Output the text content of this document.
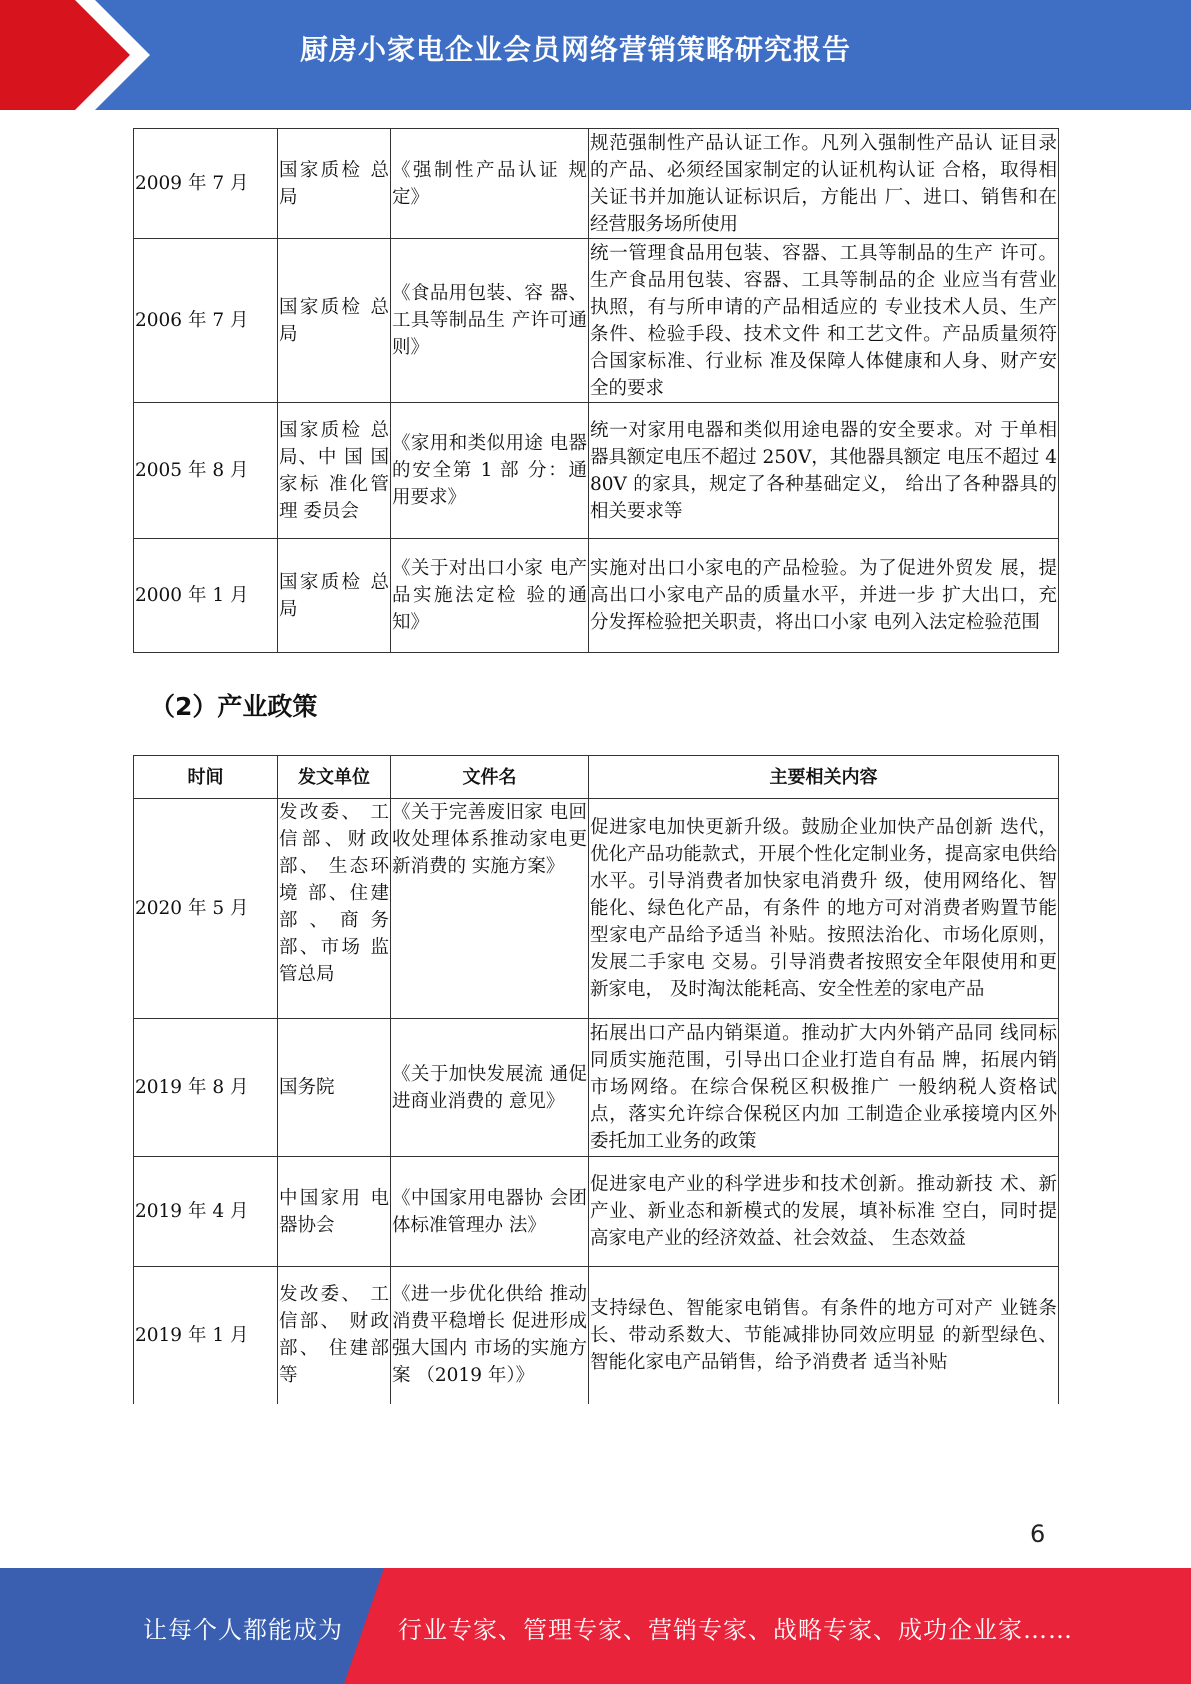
厨房小家电企业会员网络营销策略研究报告
2009 年 7 月	国家质检 总局	《强制性产品认证 规定》	规范强制性产品认证工作。凡列入强制性产品认 证目录的产品、必须经国家制定的认证机构认证 合格，取得相关证书并加施认证标识后，方能出 厂、进口、销售和在经营服务场所使用
2006 年 7 月	国家质检 总局	《食品用包装、容 器、工具等制品生 产许可通则》	统一管理食品用包装、容器、工具等制品的生产 许可。生产食品用包装、容器、工具等制品的企 业应当有营业执照，有与所申请的产品相适应的 专业技术人员、生产条件、检验手段、技术文件 和工艺文件。产品质量须符合国家标准、行业标 准及保障人体健康和人身、财产安全的要求
2005 年 8 月	国家质检 总局、中 国 国家标 准化管理 委员会	《家用和类似用途 电器的安全第 1 部 分：通用要求》	统一对家用电器和类似用途电器的安全要求。对 于单相器具额定电压不超过 250V，其他器具额定 电压不超过 480V 的家具，规定了各种基础定义， 给出了各种器具的相关要求等
2000 年 1 月	国家质检 总局	《关于对出口小家 电产品实施法定检 验的通知》	实施对出口小家电的产品检验。为了促进外贸发 展，提高出口小家电产品的质量水平，并进一步 扩大出口，充分发挥检验把关职责，将出口小家 电列入法定检验范围
（2）产业政策
时间	发文单位	文件名	主要相关内容
2020 年 5 月	发改委、 工信部、财政部、 生态环境 部、住建部、商务部、市场 监管总局	《关于完善废旧家 电回收处理体系推动家电更新消费的 实施方案》	促进家电加快更新升级。鼓励企业加快产品创新 迭代，优化产品功能款式，开展个性化定制业务，提高家电供给水平。引导消费者加快家电消费升 级，使用网络化、智能化、绿色化产品，有条件 的地方可对消费者购置节能型家电产品给予适当 补贴。按照法治化、市场化原则，发展二手家电 交易。引导消费者按照安全年限使用和更新家电， 及时淘汰能耗高、安全性差的家电产品
2019 年 8 月	国务院	《关于加快发展流 通促进商业消费的 意见》	拓展出口产品内销渠道。推动扩大内外销产品同 线同标同质实施范围，引导出口企业打造自有品 牌，拓展内销市场网络。在综合保税区积极推广 一般纳税人资格试点，落实允许综合保税区内加 工制造企业承接境内区外委托加工业务的政策
2019 年 4 月	中国家用 电器协会	《中国家用电器协 会团体标准管理办 法》	促进家电产业的科学进步和技术创新。推动新技 术、新产业、新业态和新模式的发展，填补标准 空白，同时提高家电产业的经济效益、社会效益、 生态效益
2019 年 1 月	发改委、 工信部、 财政部、 住建部等	《进一步优化供给 推动消费平稳增长 促进形成强大国内 市场的实施方案 （2019 年）》	支持绿色、智能家电销售。有条件的地方可对产 业链条长、带动系数大、节能减排协同效应明显 的新型绿色、智能化家电产品销售，给予消费者 适当补贴
6
让每个人都能成为 行业专家、管理专家、营销专家、战略专家、成功企业家……
